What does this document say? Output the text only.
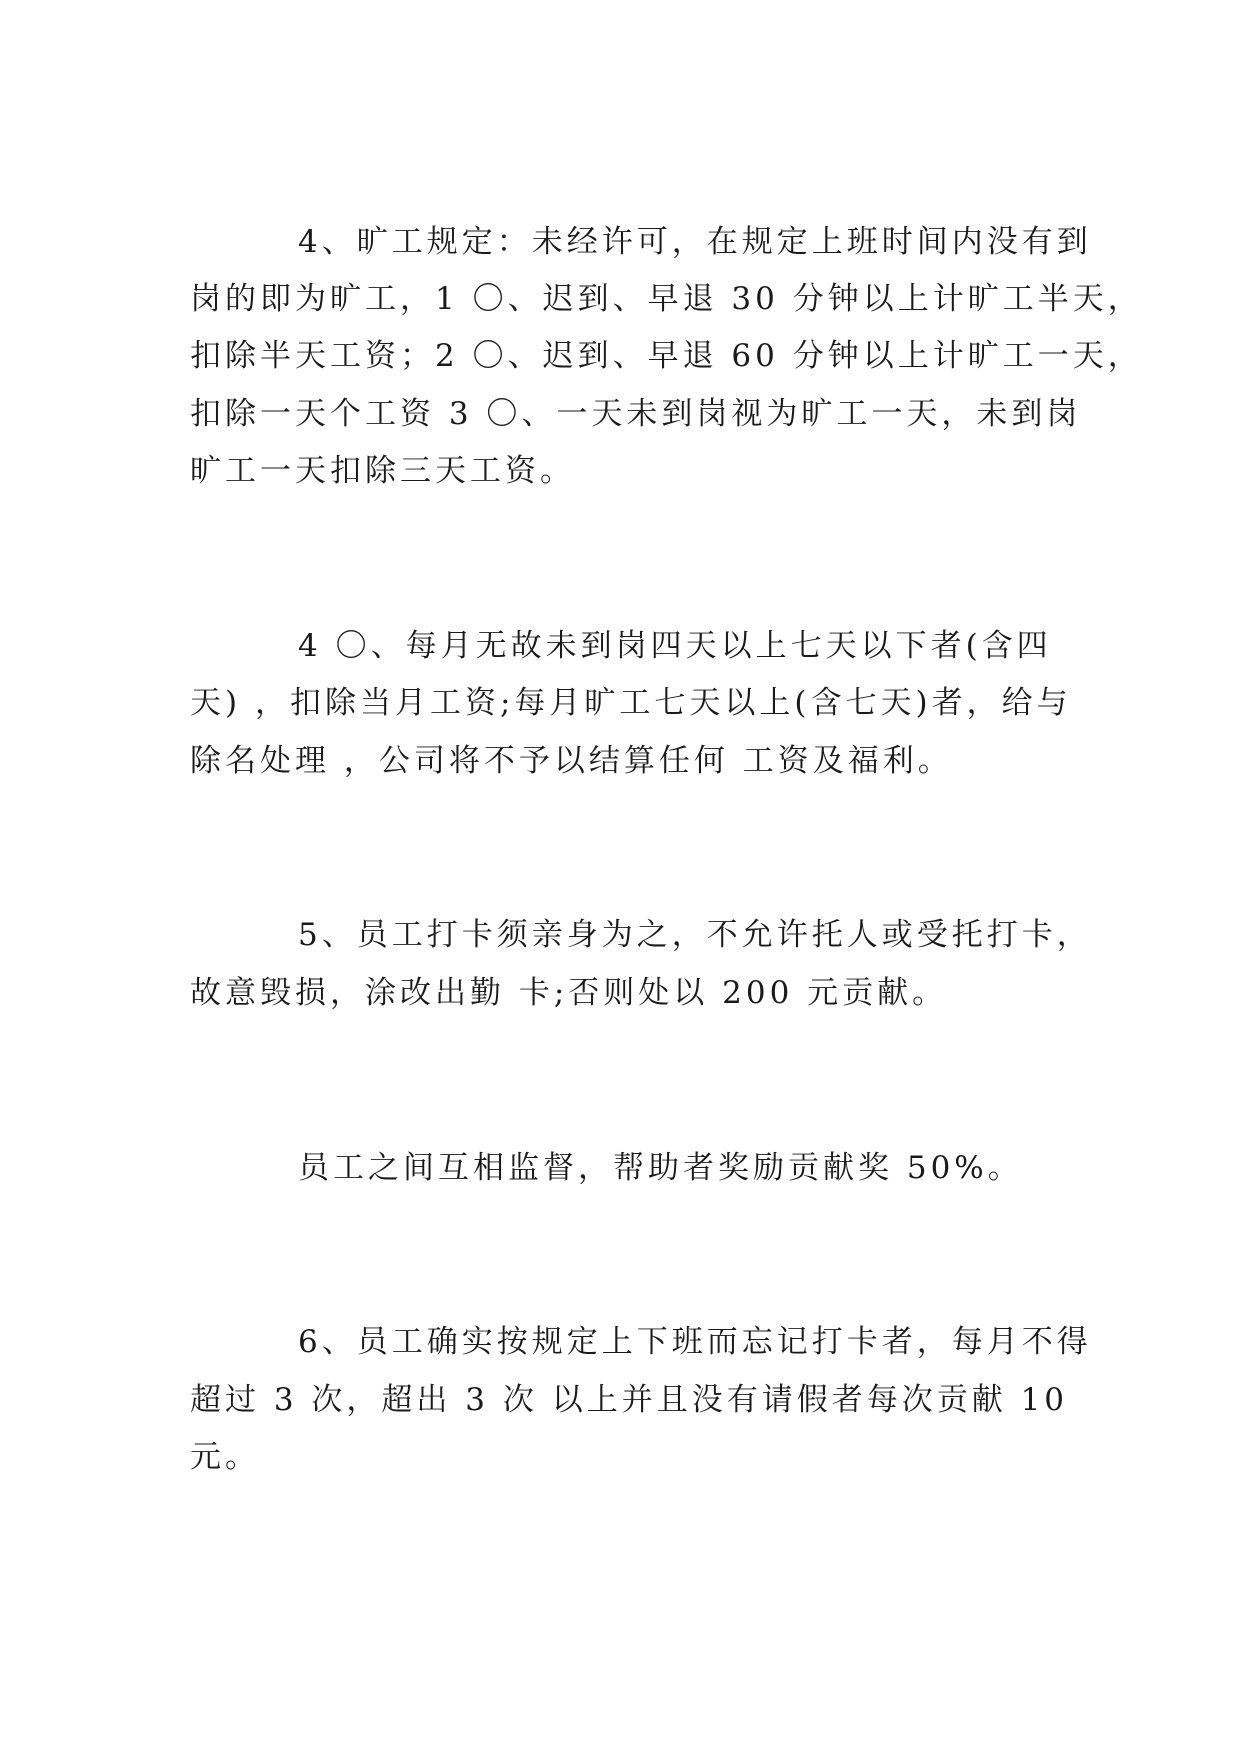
4、旷工规定：未经许可，在规定上班时间内没有到
岗的即为旷工，1 〇、迟到、早退 30 分钟以上计旷工半天，
扣除半天工资；2 〇、迟到、早退 60 分钟以上计旷工一天，
扣除一天个工资 3 〇、一天未到岗视为旷工一天，未到岗
旷工一天扣除三天工资。
4 〇、每月无故未到岗四天以上七天以下者(含四
天) ，扣除当月工资;每月旷工七天以上(含七天)者，给与
除名处理 ，公司将不予以结算任何 工资及福利。
5、员工打卡须亲身为之，不允许托人或受托打卡，
故意毁损，涂改出勤 卡;否则处以 200 元贡献。
员工之间互相监督，帮助者奖励贡献奖 50%。
6、员工确实按规定上下班而忘记打卡者，每月不得
超过 3 次，超出 3 次 以上并且没有请假者每次贡献 10
元。
